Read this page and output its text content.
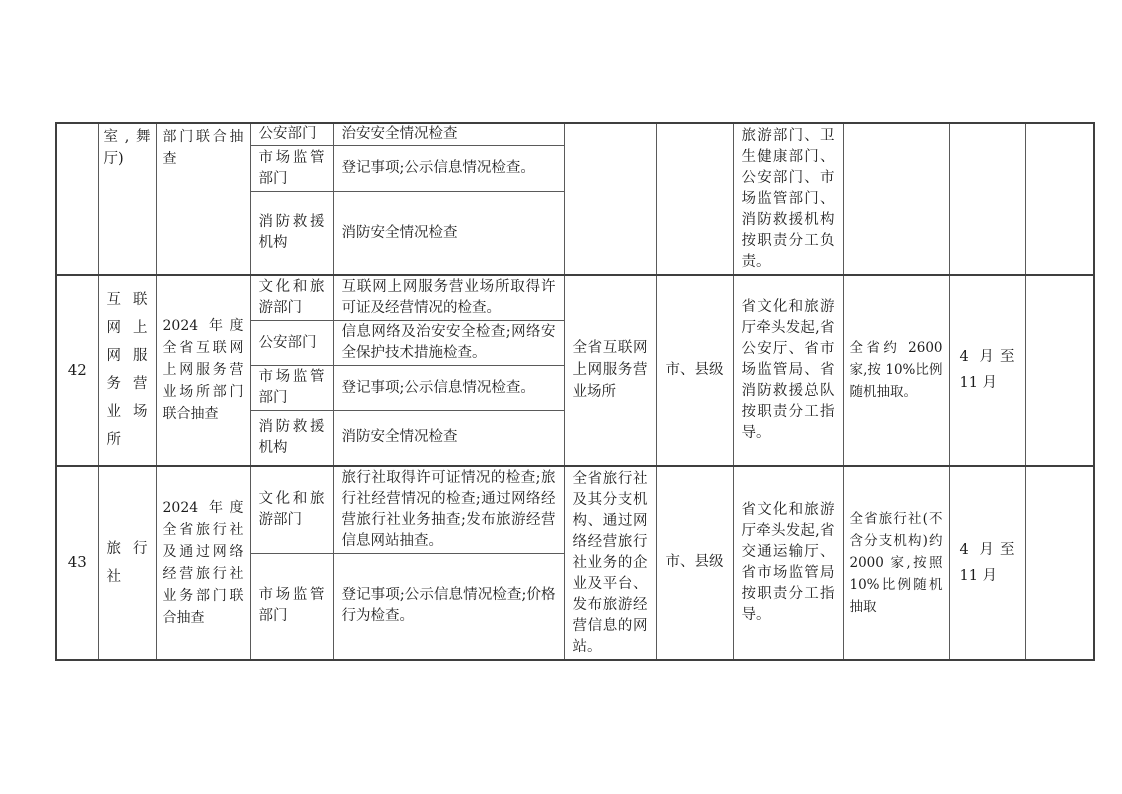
	室,舞厅)	部门联合抽查	公安部门	治安安全情况检查			旅游部门、卫生健康部门、公安部门、市场监管部门、消防救援机构按职责分工负责。			
			市场监管部门	登记事项;公示信息情况检查。						
			消防救援机构	消防安全情况检查						
42	互联网上网服务营业场所	2024 年度全省互联网上网服务营业场所部门联合抽查	文化和旅游部门	互联网上网服务营业场所取得许可证及经营情况的检查。	全省互联网上网服务营业场所	市、县级	省文化和旅游厅牵头发起,省公安厅、省市场监管局、省消防救援总队按职责分工指导。	全省约 2600 家,按 10%比例随机抽取。	4 月至 11 月	
			公安部门	信息网络及治安安全检查;网络安全保护技术措施检查。						
			市场监管部门	登记事项;公示信息情况检查。						
			消防救援机构	消防安全情况检查						
43	旅行社	2024 年度全省旅行社及通过网络经营旅行社业务部门联合抽查	文化和旅游部门	旅行社取得许可证情况的检查;旅行社经营情况的检查;通过网络经营旅行社业务抽查;发布旅游经营信息网站抽查。	全省旅行社及其分支机构、通过网络经营旅行社业务的企业及平台、发布旅游经营信息的网站。	市、县级	省文化和旅游厅牵头发起,省交通运输厅、省市场监管局按职责分工指导。	全省旅行社(不含分支机构)约 2000 家,按照 10%比例随机抽取	4 月至 11 月	
			市场监管部门	登记事项;公示信息情况检查;价格行为检查。						
